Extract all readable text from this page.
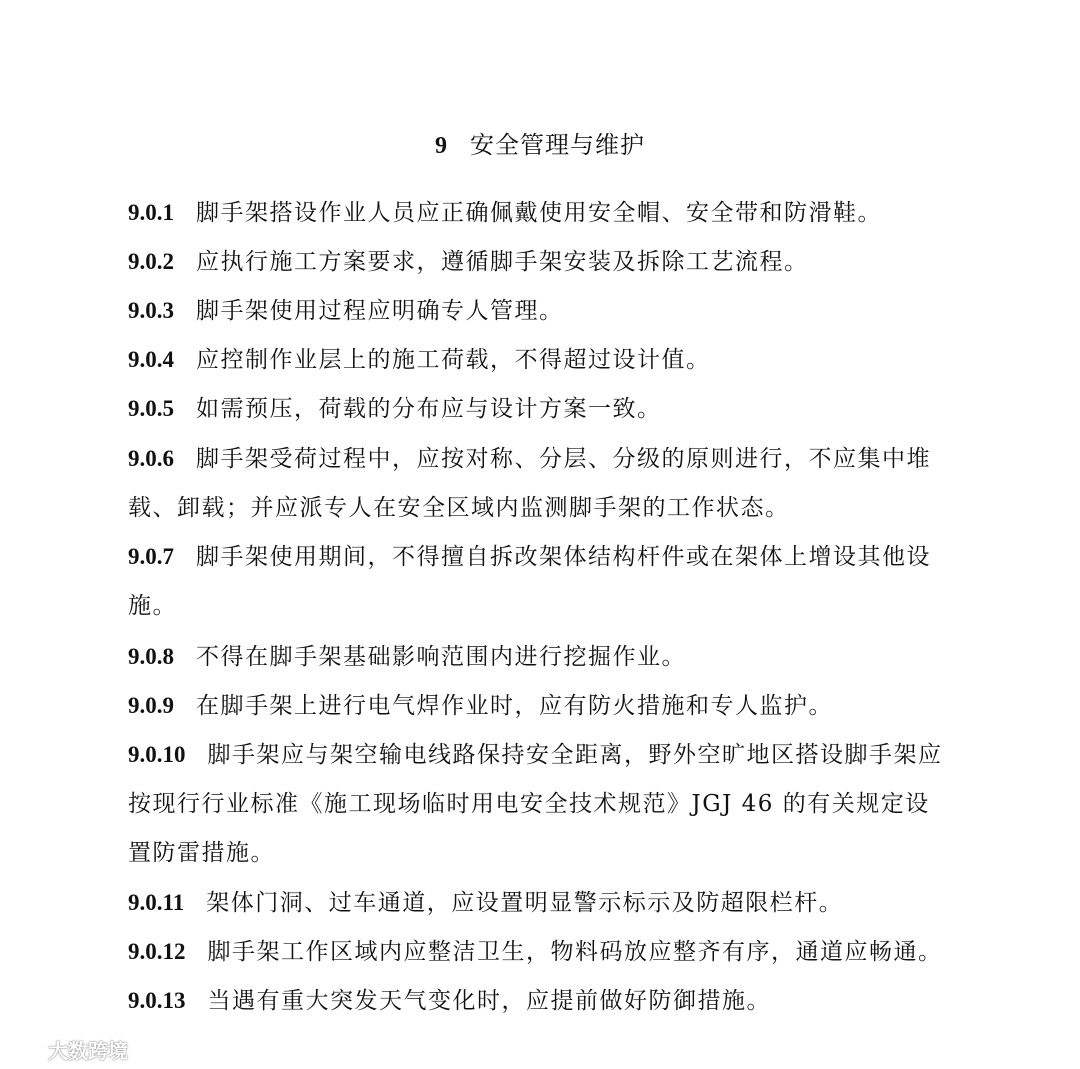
9 安全管理与维护

9.0.1 脚手架搭设作业人员应正确佩戴使用安全帽、安全带和防滑鞋。

9.0.2 应执行施工方案要求，遵循脚手架安装及拆除工艺流程。

9.0.3 脚手架使用过程应明确专人管理。

9.0.4 应控制作业层上的施工荷载，不得超过设计值。

9.0.5 如需预压，荷载的分布应与设计方案一致。

9.0.6 脚手架受荷过程中，应按对称、分层、分级的原则进行，不应集中堆载、卸载；并应派专人在安全区域内监测脚手架的工作状态。

9.0.7 脚手架使用期间，不得擅自拆改架体结构杆件或在架体上增设其他设施。

9.0.8 不得在脚手架基础影响范围内进行挖掘作业。

9.0.9 在脚手架上进行电气焊作业时，应有防火措施和专人监护。

9.0.10 脚手架应与架空输电线路保持安全距离，野外空旷地区搭设脚手架应按现行行业标准《施工现场临时用电安全技术规范》JGJ 46 的有关规定设置防雷措施。

9.0.11 架体门洞、过车通道，应设置明显警示标示及防超限栏杆。

9.0.12 脚手架工作区域内应整洁卫生，物料码放应整齐有序，通道应畅通。

9.0.13 当遇有重大突发天气变化时，应提前做好防御措施。

大数跨境
